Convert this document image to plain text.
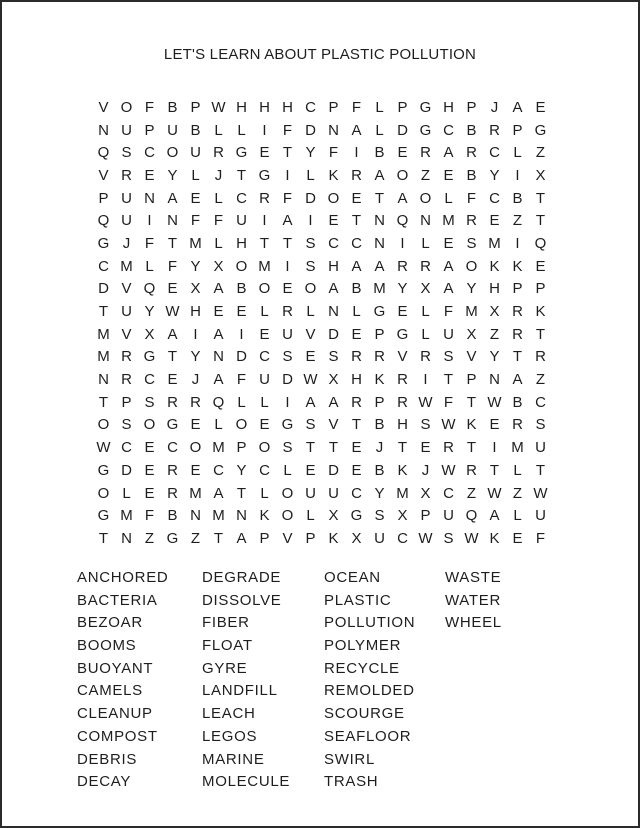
LET'S LEARN ABOUT PLASTIC POLLUTION
V O F B P W H H H C P F L P G H P J A E
N U P U B L L	I	F D N A L D G C B R P G
Q S C O U R G E T Y F	I	B E R A R C L Z
V R E Y L	J T G	I	L K R A O Z E B Y	I	X
P U N A E L C R F D O E T A O L F C B T
Q U	I	N F F U	I	A	I	E T N Q N M R E Z T
G J F T M L H T T S C C N	I	L E S M I	Q
C M L F Y X O M I	S H A A R R A O K K E
D V Q E X A B O E O A B M Y X A Y H P P
T U Y W H E E L R L N L G E L F M X R K
M V X A	I	A	I	E U V D E P G L U X Z R T
M R G T Y N D C S E S R R V R S V Y T R
N R C E J A F U D W X H K R	I	T P N A Z
T P S R R Q L L	I	A A R P R W F T W B C
O S O G E L O E G S V T B H S W K E R S
W C E C O M P O S T T E J T E R T	I M U
G D E R E C Y C L E D E B K J W R T L T
O L E R M A T L O U U C Y M X C Z W Z W
G M F B N M N K O L X G S X P U Q A L U
T N Z G Z T A P V P K X U C W S W K E F
ANCHORED
BACTERIA
BEZOAR
BOOMS
BUOYANT
CAMELS
CLEANUP
COMPOST
DEBRIS
DECAY
DEGRADE
DISSOLVE
FIBER
FLOAT
GYRE
LANDFILL
LEACH
LEGOS
MARINE
MOLECULE
OCEAN
PLASTIC
POLLUTION
POLYMER
RECYCLE
REMOLDED
SCOURGE
SEAFLOOR
SWIRL
TRASH
WASTE
WATER
WHEEL
